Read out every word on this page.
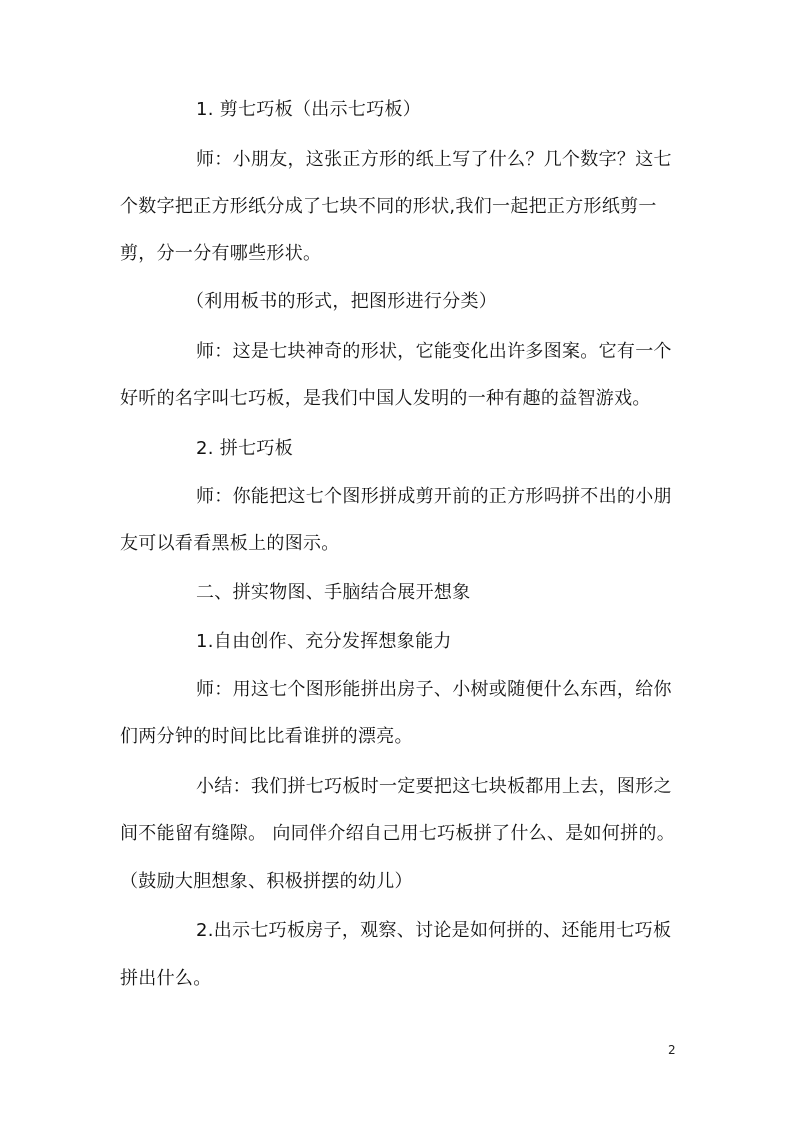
1. 剪七巧板（出示七巧板）
师：小朋友，这张正方形的纸上写了什么？几个数字？这七
个数字把正方形纸分成了七块不同的形状,我们一起把正方形纸剪一
剪，分一分有哪些形状。
（利用板书的形式，把图形进行分类）
师：这是七块神奇的形状，它能变化出许多图案。它有一个
好听的名字叫七巧板，是我们中国人发明的一种有趣的益智游戏。
2. 拼七巧板
师：你能把这七个图形拼成剪开前的正方形吗拼不出的小朋
友可以看看黑板上的图示。
二、拼实物图、手脑结合展开想象
1.自由创作、充分发挥想象能力
师：用这七个图形能拼出房子、小树或随便什么东西，给你
们两分钟的时间比比看谁拼的漂亮。
小结：我们拼七巧板时一定要把这七块板都用上去，图形之
间不能留有缝隙。 向同伴介绍自己用七巧板拼了什么、是如何拼的。
（鼓励大胆想象、积极拼摆的幼儿）
2.出示七巧板房子，观察、讨论是如何拼的、还能用七巧板
拼出什么。
2
